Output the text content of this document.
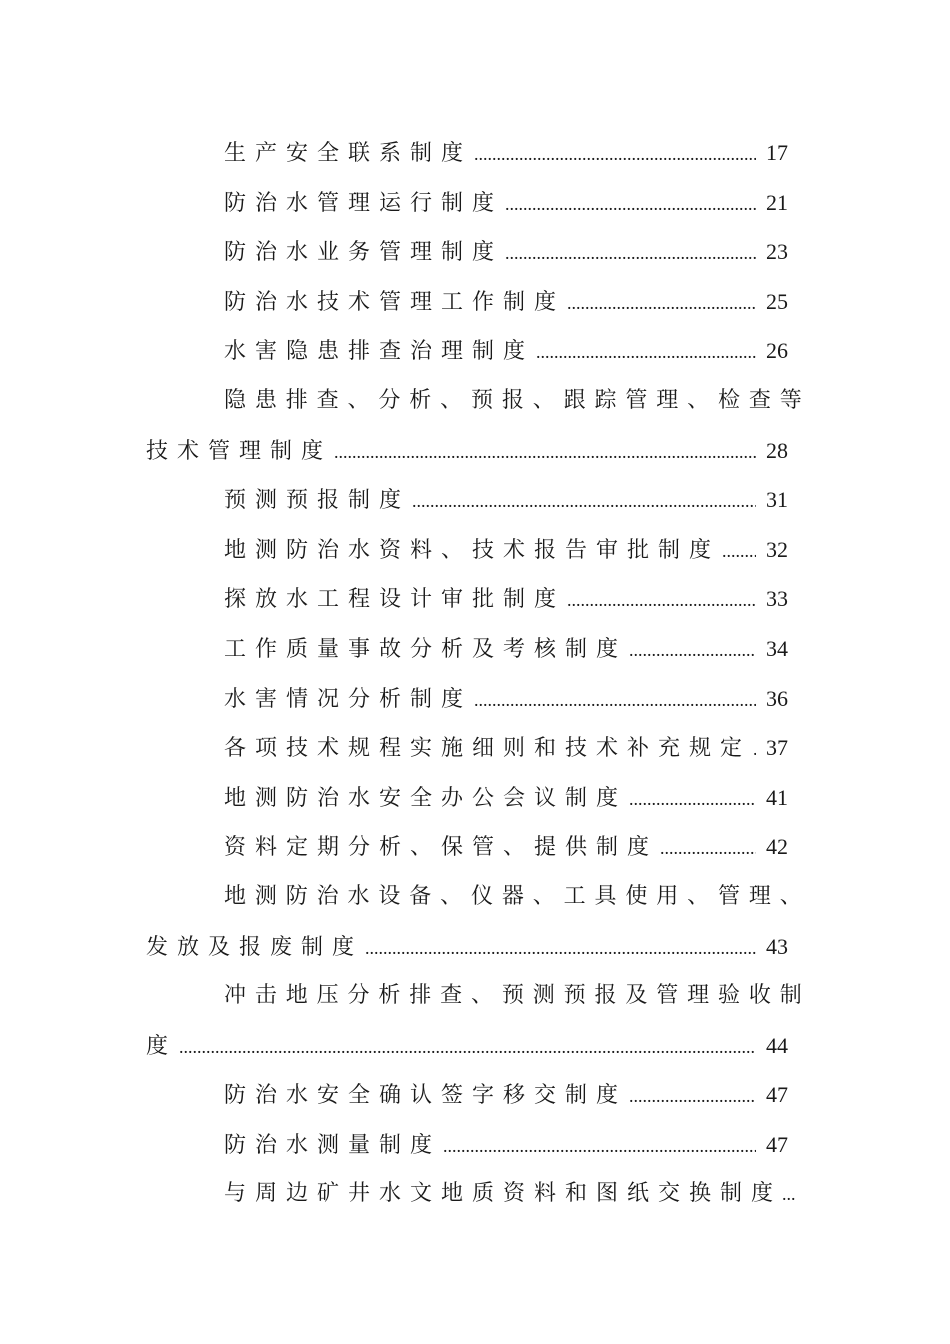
生产安全联系制度 .....	17
防治水管理运行制度 .....	21
防治水业务管理制度 .....	23
防治水技术管理工作制度 .....	25
水害隐患排查治理制度 .....	26
隐 患 排 查 、 分 析 、 预 报 、 跟 踪 管 理 、 检 查 等
技术管理制度 .....	28
预测预报制度 .....	31
地测防治水资料、技术报告审批制度 ..... 32
探放水工程设计审批制度 .....	33
工作质量事故分析及考核制度 .....	34
水害情况分析制度 .....	36
各项技术规程实施细则和技术补充规定 ..... 37
地测防治水安全办公会议制度 .....	41
资料定期分析、保管、提供制度 .....	42
地 测 防 治 水 设 备 、 仪 器 、 工 具 使 用 、 管 理 、
发放及报废制度 .....	43
冲 击 地 压 分 析 排 查 、 预 测 预 报 及 管 理 验 收 制
度 .....	44
防治水安全确认签字移交制度 .....	47
防治水测量制度 .....	47
与周边矿井水文地质资料和图纸交换制度...
